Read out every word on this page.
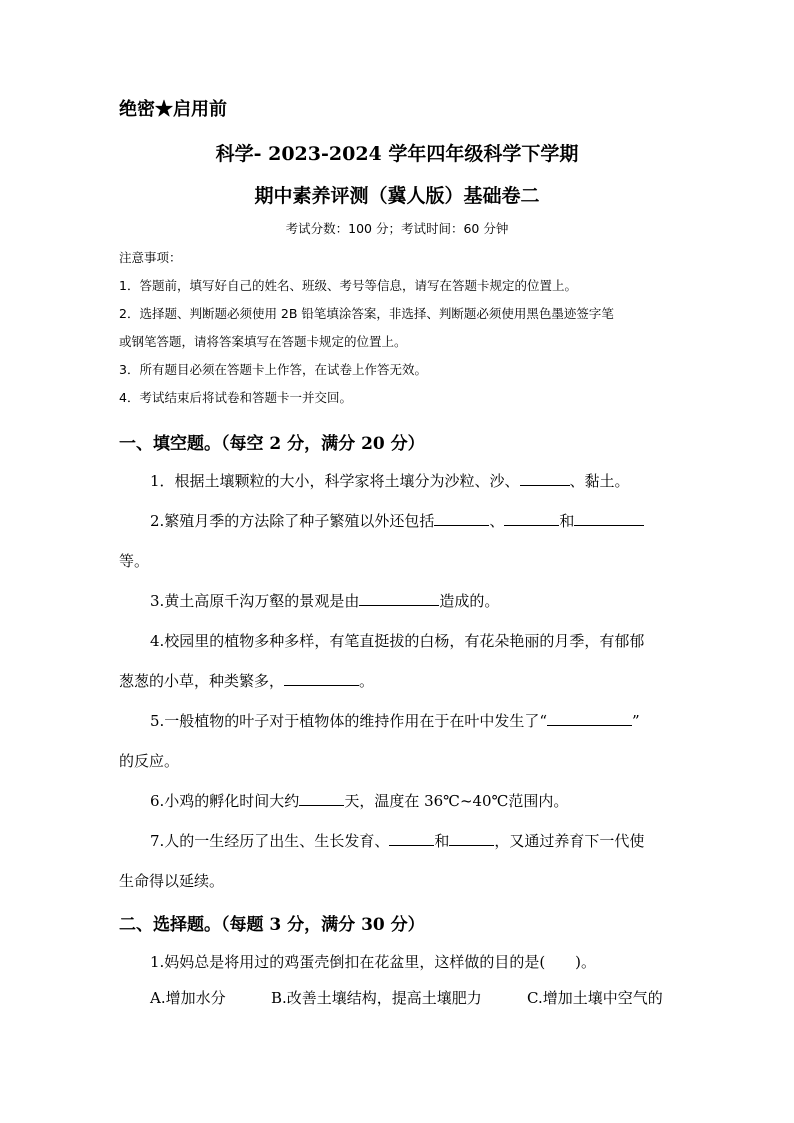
绝密★启用前
科学- 2023-2024 学年四年级科学下学期
期中素养评测（冀人版）基础卷二
考试分数：100 分；考试时间：60 分钟
注意事项：
1．答题前，填写好自己的姓名、班级、考号等信息，请写在答题卡规定的位置上。
2．选择题、判断题必须使用 2B 铅笔填涂答案，非选择、判断题必须使用黑色墨迹签字笔
或钢笔答题，请将答案填写在答题卡规定的位置上。
3．所有题目必须在答题卡上作答，在试卷上作答无效。
4．考试结束后将试卷和答题卡一并交回。
一、填空题。（每空 2 分，满分 20 分）
1．根据土壤颗粒的大小，科学家将土壤分为沙粒、沙、	、黏土。
2.繁殖月季的方法除了种子繁殖以外还包括	、	和
等。
3.黄土高原千沟万壑的景观是由	造成的。
4.校园里的植物多种多样，有笔直挺拔的白杨，有花朵艳丽的月季，有郁郁
葱葱的小草，种类繁多，	。
5.一般植物的叶子对于植物体的维持作用在于在叶中发生了“	”
的反应。
6.小鸡的孵化时间大约	天，温度在 36℃~40℃范围内。
7.人的一生经历了出生、生长发育、	和	，又通过养育下一代使
生命得以延续。
二、选择题。（每题 3 分，满分 30 分）
1.妈妈总是将用过的鸡蛋壳倒扣在花盆里，这样做的目的是(　　)。
A.增加水分	B.改善土壤结构，提高土壤肥力	C.增加土壤中空气的
